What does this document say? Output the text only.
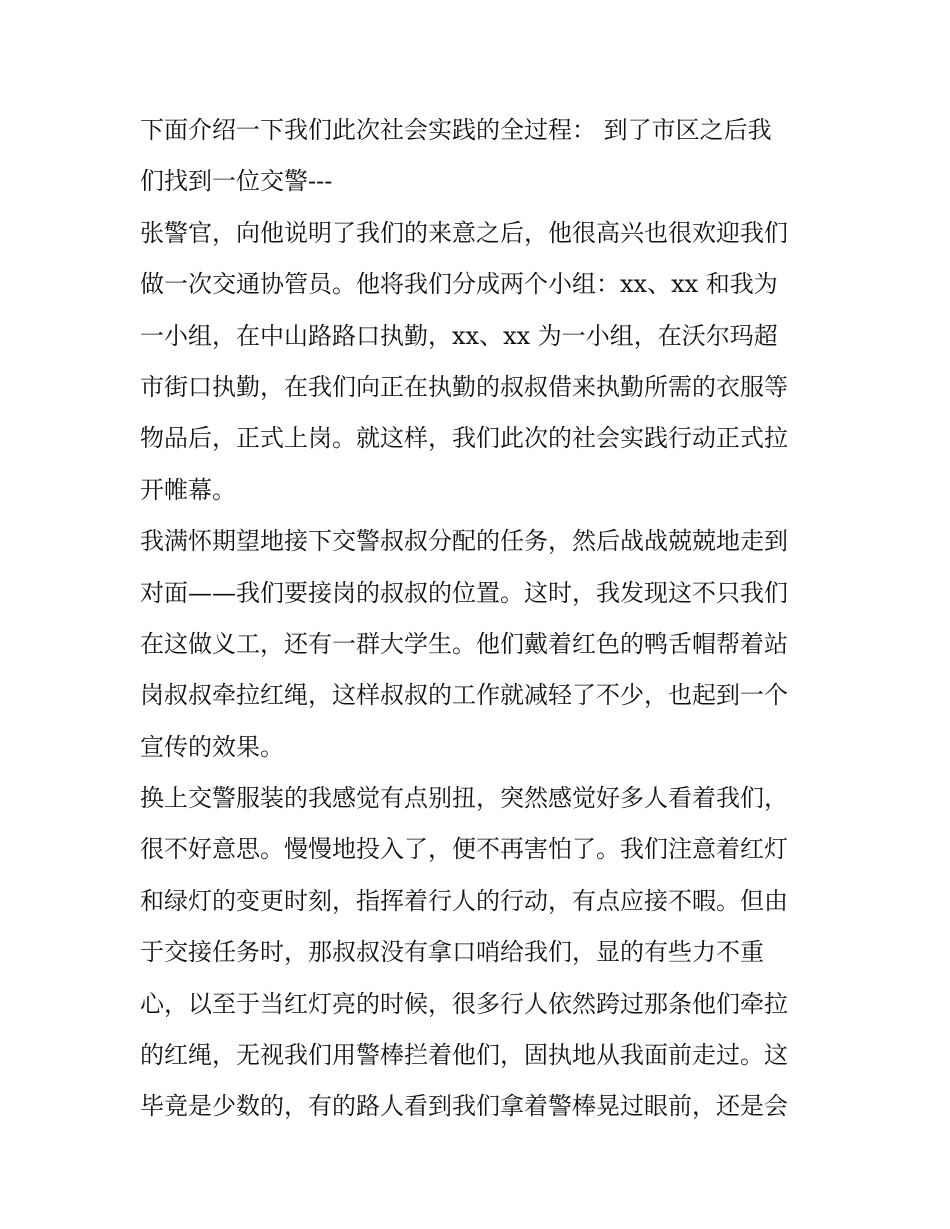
下面介绍一下我们此次社会实践的全过程： 到了市区之后我
们找到一位交警---
张警官，向他说明了我们的来意之后，他很高兴也很欢迎我们
做一次交通协管员。他将我们分成两个小组：xx、xx 和我为
一小组，在中山路路口执勤，xx、xx 为一小组，在沃尔玛超
市街口执勤，在我们向正在执勤的叔叔借来执勤所需的衣服等
物品后，正式上岗。就这样，我们此次的社会实践行动正式拉
开帷幕。
我满怀期望地接下交警叔叔分配的任务，然后战战兢兢地走到
对面——我们要接岗的叔叔的位置。这时，我发现这不只我们
在这做义工，还有一群大学生。他们戴着红色的鸭舌帽帮着站
岗叔叔牵拉红绳，这样叔叔的工作就减轻了不少，也起到一个
宣传的效果。
换上交警服装的我感觉有点别扭，突然感觉好多人看着我们，
很不好意思。慢慢地投入了，便不再害怕了。我们注意着红灯
和绿灯的变更时刻，指挥着行人的行动，有点应接不暇。但由
于交接任务时，那叔叔没有拿口哨给我们，显的有些力不重
心，以至于当红灯亮的时候，很多行人依然跨过那条他们牵拉
的红绳，无视我们用警棒拦着他们，固执地从我面前走过。这
毕竟是少数的，有的路人看到我们拿着警棒晃过眼前，还是会
